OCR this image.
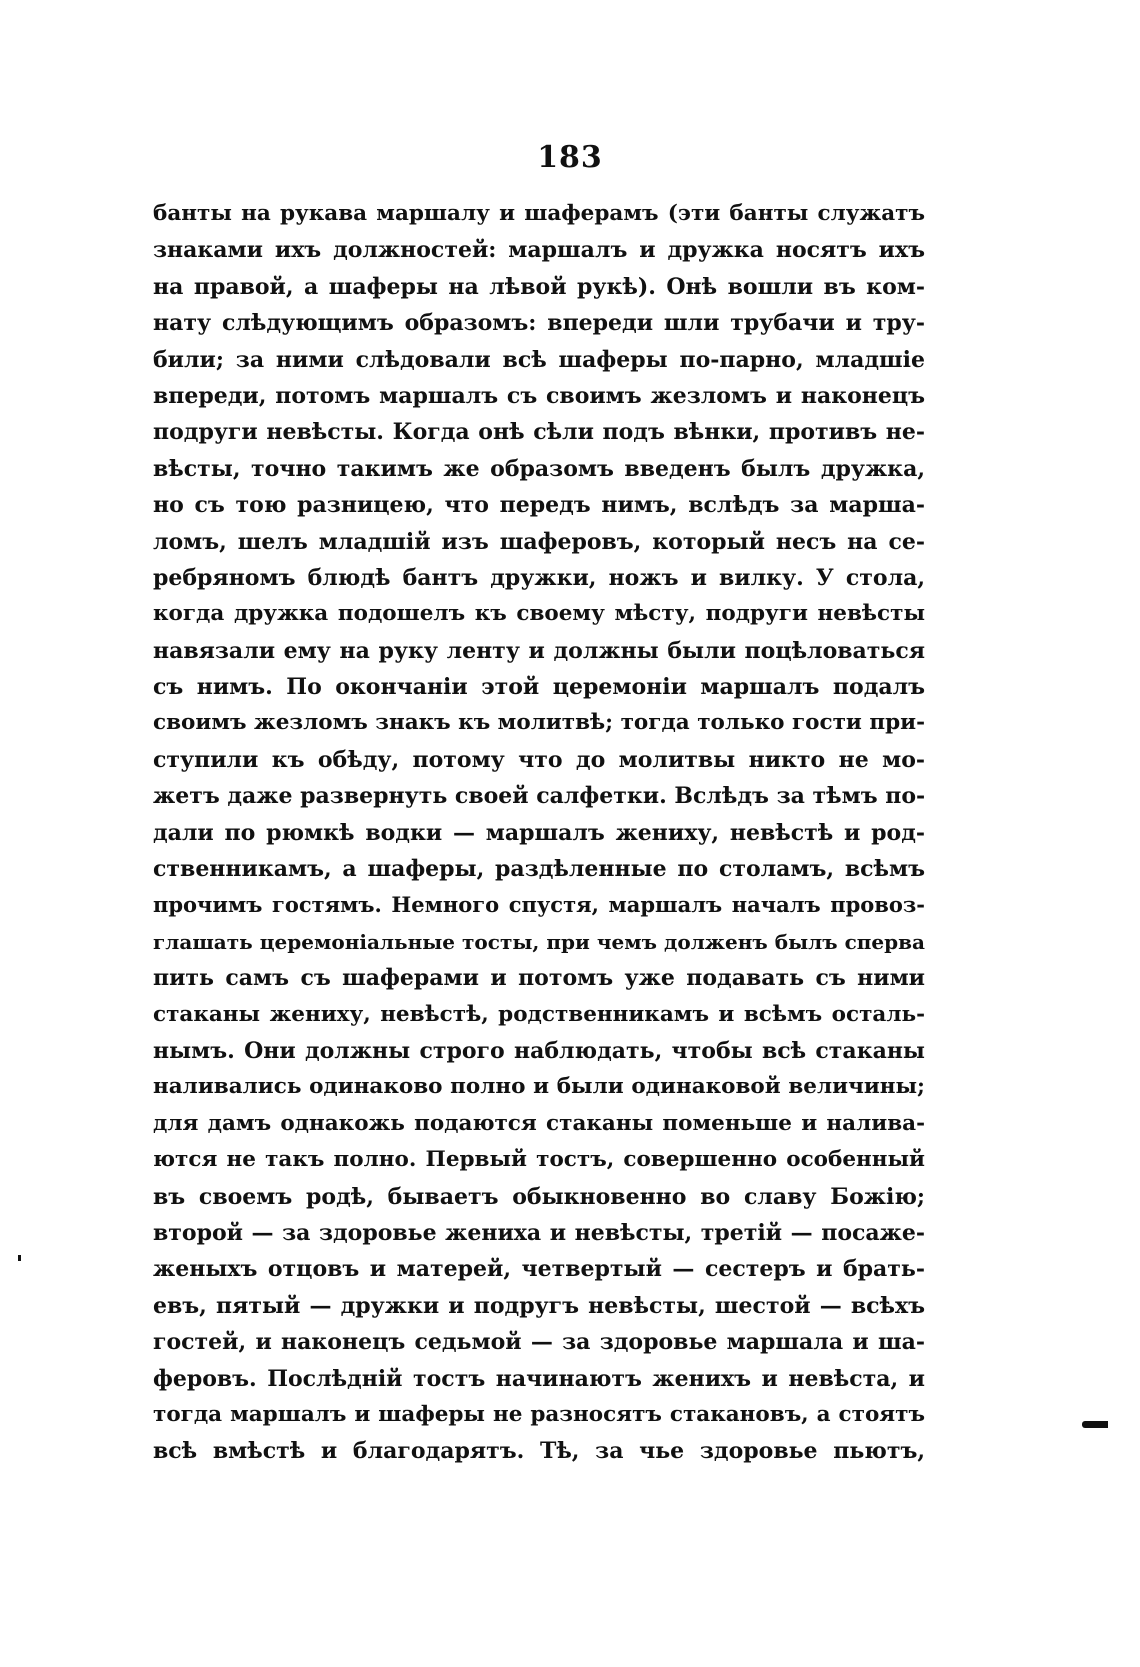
183
банты на рукава маршалу и шаферамъ (эти банты служатъ
знаками ихъ должностей: маршалъ и дружка носятъ ихъ
на правой, а шаферы на лѣвой рукѣ). Онѣ вошли въ ком-
нату слѣдующимъ образомъ: впереди шли трубачи и тру-
били; за ними слѣдовали всѣ шаферы по-парно, младшіе
впереди, потомъ маршалъ съ своимъ жезломъ и наконецъ
подруги невѣсты. Когда онѣ сѣли подъ вѣнки, противъ не-
вѣсты, точно такимъ же образомъ введенъ былъ дружка,
но съ тою разницею, что передъ нимъ, вслѣдъ за марша-
ломъ, шелъ младшій изъ шаферовъ, который несъ на се-
ребряномъ блюдѣ бантъ дружки, ножъ и вилку. У стола,
когда дружка подошелъ къ своему мѣсту, подруги невѣсты
навязали ему на руку ленту и должны были поцѣловаться
съ нимъ. По окончаніи этой церемоніи маршалъ подалъ
своимъ жезломъ знакъ къ молитвѣ; тогда только гости при-
ступили къ обѣду, потому что до молитвы никто не мо-
жетъ даже развернуть своей салфетки. Вслѣдъ за тѣмъ по-
дали по рюмкѣ водки — маршалъ жениху, невѣстѣ и род-
ственникамъ, а шаферы, раздѣленные по столамъ, всѣмъ
прочимъ гостямъ. Немного спустя, маршалъ началъ провоз-
глашать церемоніальные тосты, при чемъ долженъ былъ сперва
пить самъ съ шаферами и потомъ уже подавать съ ними
стаканы жениху, невѣстѣ, родственникамъ и всѣмъ осталь-
нымъ. Они должны строго наблюдать, чтобы всѣ стаканы
наливались одинаково полно и были одинаковой величины;
для дамъ однакожь подаются стаканы поменьше и налива-
ются не такъ полно. Первый тостъ, совершенно особенный
въ своемъ родѣ, бываетъ обыкновенно во славу Божію;
второй — за здоровье жениха и невѣсты, третій — посаже-
женыхъ отцовъ и матерей, четвертый — сестеръ и брать-
евъ, пятый — дружки и подругъ невѣсты, шестой — всѣхъ
гостей, и наконецъ седьмой — за здоровье маршала и ша-
феровъ. Послѣдній тостъ начинаютъ женихъ и невѣста, и
тогда маршалъ и шаферы не разносятъ стакановъ, а стоятъ
всѣ вмѣстѣ и благодарятъ. Тѣ, за чье здоровье пьютъ,
